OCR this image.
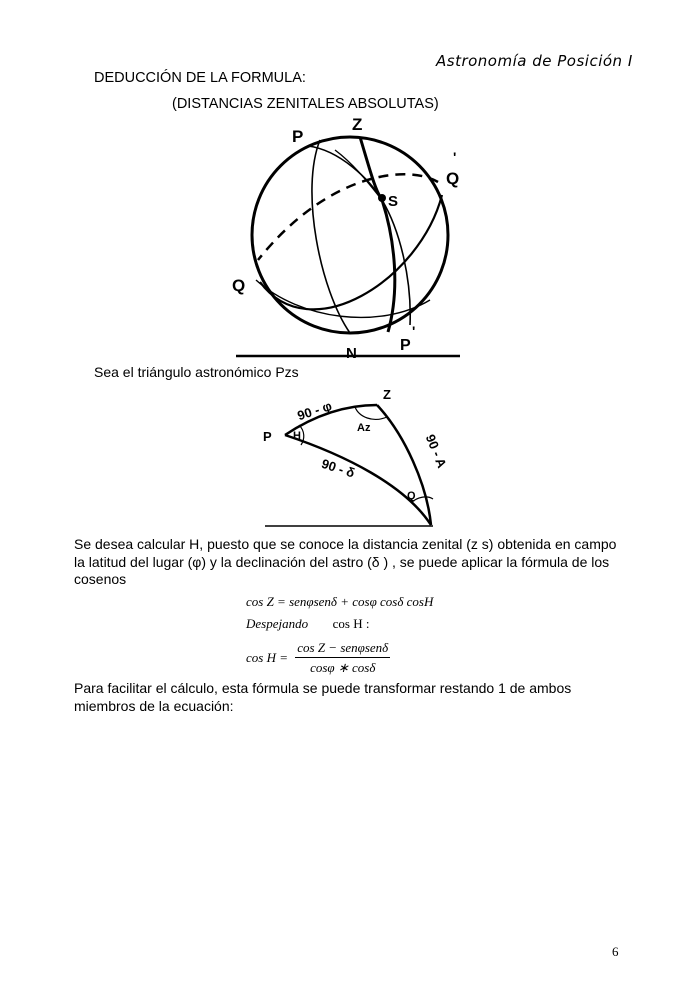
Astronomía de Posición I
DEDUCCIÓN DE LA FORMULA:
(DISTANCIAS ZENITALES ABSOLUTAS)
P
Z
S
'
Q
Q
N	P
'
Sea el triángulo astronómico Pzs
P
Z
H
Az
Q
90 - φ
90 - A
90 - δ
Se desea calcular H, puesto que se conoce la distancia zenital (z s) obtenida en campo la latitud del lugar (φ) y la declinación del astro (δ ) , se puede aplicar la fórmula de los cosenos
cos Z = senφsenδ + cosφ cosδ cosH
Despejando cos H :
$\cos H = \frac{\text{cos Z − senφsenδ}}{\cos\varphi ∗ \cos\delta}$
Para facilitar el cálculo, esta fórmula se puede transformar restando 1 de ambos miembros de la ecuación:
6
